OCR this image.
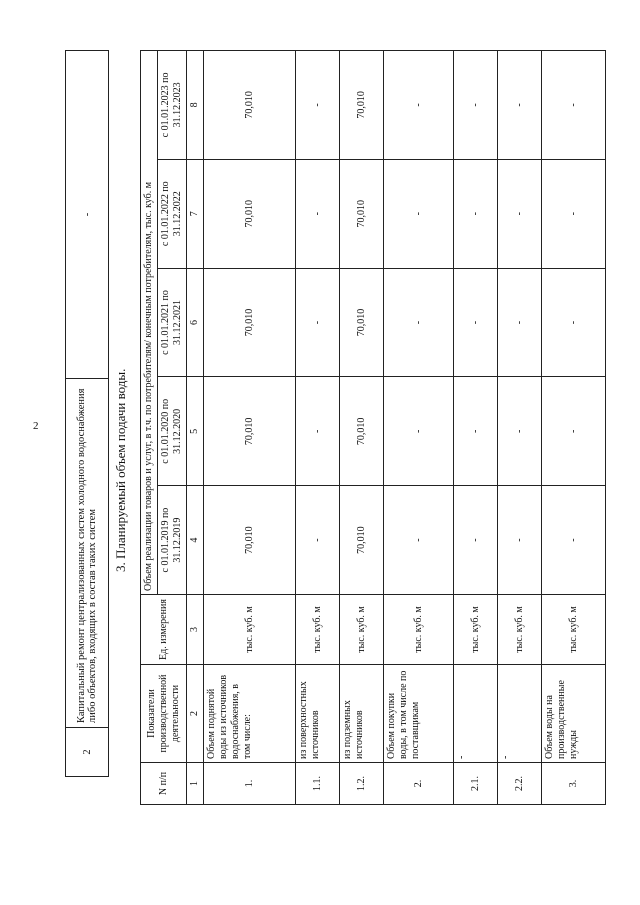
2
2	Капитальный ремонт централизованных систем холодного водоснабжения либо объектов, входящих в состав таких систем	-
3. Планируемый объем подачи воды.
N п/п	Показатели производственной деятельности	Ед. измерения	Объем реализации товаров и услуг, в т.ч. по потребителям/ конечным потребителям, тыс. куб. м				
			с 01.01.2019 по 31.12.2019	с 01.01.2020 по 31.12.2020	с 01.01.2021 по 31.12.2021	с 01.01.2022 по 31.12.2022	с 01.01.2023 по 31.12.2023
1	2	3	4	5	6	7	8
1.	Объем поднятой воды из источников водоснабжения, в том числе:	тыс. куб. м	70,010	70,010	70,010	70,010	70,010
1.1.	из поверхностных источников	тыс. куб. м	-	-	-	-	-
1.2.	из подземных источников	тыс. куб. м	70,010	70,010	70,010	70,010	70,010
2.	Объем покупки воды, в том числе по поставщикам	тыс. куб. м	-	-	-	-	-
2.1.	-	тыс. куб. м	-	-	-	-	-
2.2.	-	тыс. куб. м	-	-	-	-	-
3.	Объем воды на производственные нужды	тыс. куб. м	-	-	-	-	-
